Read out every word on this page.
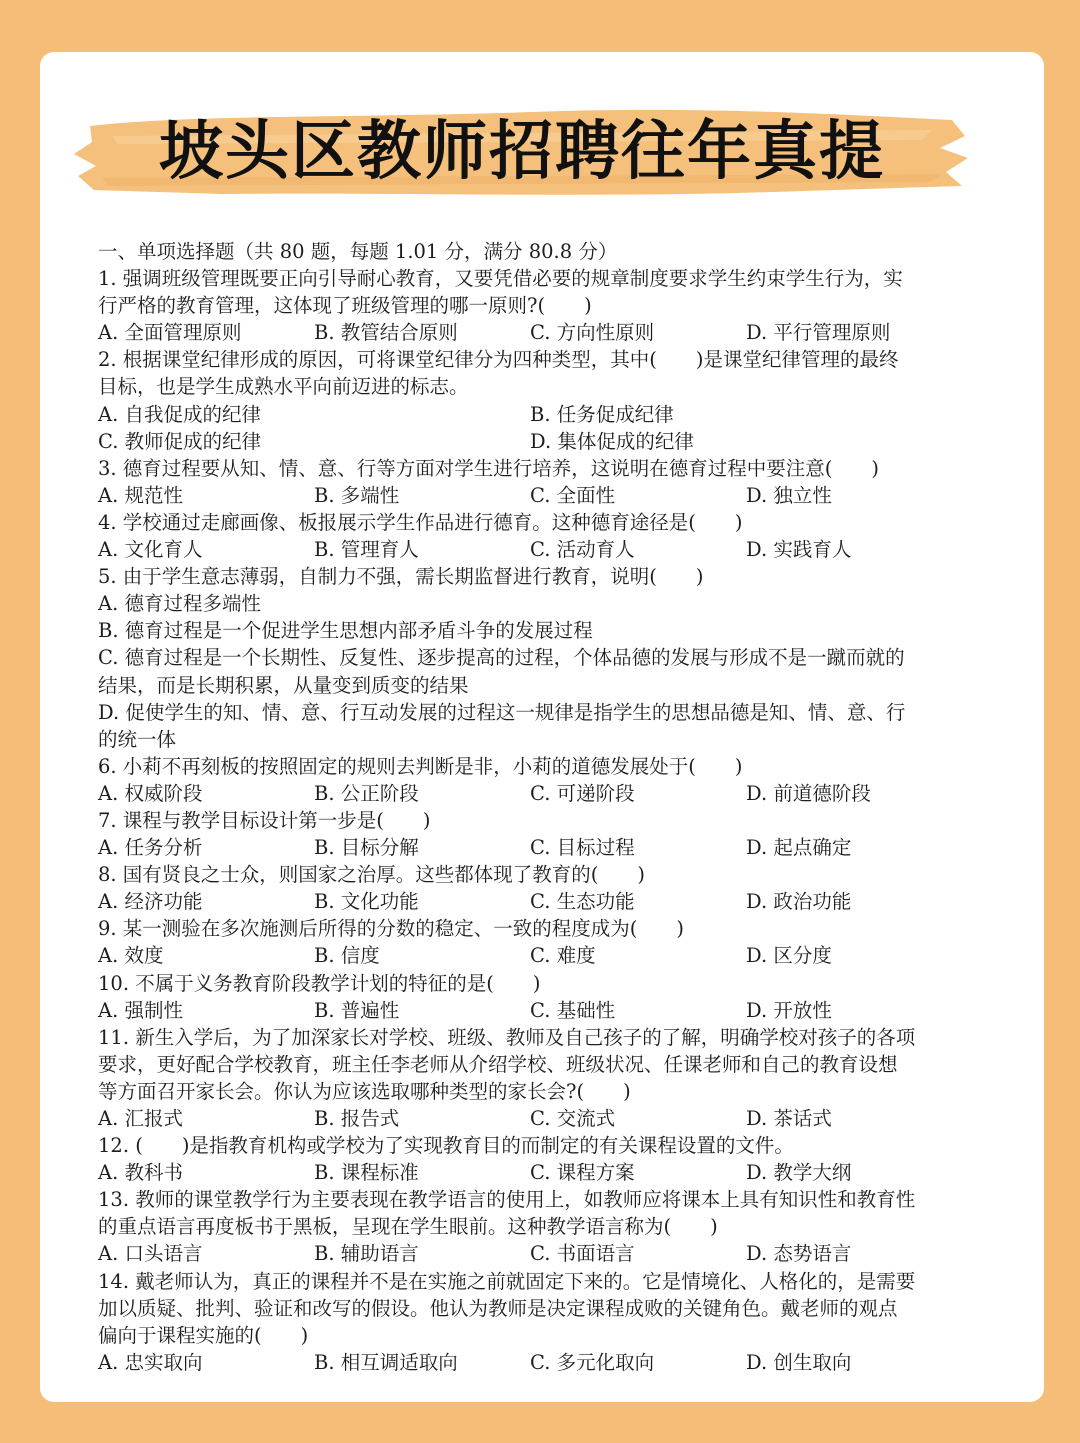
坡头区教师招聘往年真提
一、单项选择题（共 80 题，每题 1.01 分，满分 80.8 分）
1. 强调班级管理既要正向引导耐心教育，又要凭借必要的规章制度要求学生约束学生行为，实
行严格的教育管理，这体现了班级管理的哪一原则?(　　)
A. 全面管理原则	B. 教管结合原则	C. 方向性原则	D. 平行管理原则
2. 根据课堂纪律形成的原因，可将课堂纪律分为四种类型，其中(　　)是课堂纪律管理的最终
目标，也是学生成熟水平向前迈进的标志。
A. 自我促成的纪律	B. 任务促成纪律
C. 教师促成的纪律	D. 集体促成的纪律
3. 德育过程要从知、情、意、行等方面对学生进行培养，这说明在德育过程中要注意(　　)
A. 规范性	B. 多端性	C. 全面性	D. 独立性
4. 学校通过走廊画像、板报展示学生作品进行德育。这种德育途径是(　　)
A. 文化育人	B. 管理育人	C. 活动育人	D. 实践育人
5. 由于学生意志薄弱，自制力不强，需长期监督进行教育，说明(　　)
A. 德育过程多端性
B. 德育过程是一个促进学生思想内部矛盾斗争的发展过程
C. 德育过程是一个长期性、反复性、逐步提高的过程，个体品德的发展与形成不是一蹴而就的
结果，而是长期积累，从量变到质变的结果
D. 促使学生的知、情、意、行互动发展的过程这一规律是指学生的思想品德是知、情、意、行
的统一体
6. 小莉不再刻板的按照固定的规则去判断是非，小莉的道德发展处于(　　)
A. 权威阶段	B. 公正阶段	C. 可递阶段	D. 前道德阶段
7. 课程与教学目标设计第一步是(　　)
A. 任务分析	B. 目标分解	C. 目标过程	D. 起点确定
8. 国有贤良之士众，则国家之治厚。这些都体现了教育的(　　)
A. 经济功能	B. 文化功能	C. 生态功能	D. 政治功能
9. 某一测验在多次施测后所得的分数的稳定、一致的程度成为(　　)
A. 效度	B. 信度	C. 难度	D. 区分度
10. 不属于义务教育阶段教学计划的特征的是(　　)
A. 强制性	B. 普遍性	C. 基础性	D. 开放性
11. 新生入学后，为了加深家长对学校、班级、教师及自己孩子的了解，明确学校对孩子的各项
要求，更好配合学校教育，班主任李老师从介绍学校、班级状况、任课老师和自己的教育设想
等方面召开家长会。你认为应该选取哪种类型的家长会?(　　)
A. 汇报式	B. 报告式	C. 交流式	D. 茶话式
12. (　　)是指教育机构或学校为了实现教育目的而制定的有关课程设置的文件。
A. 教科书	B. 课程标准	C. 课程方案	D. 教学大纲
13. 教师的课堂教学行为主要表现在教学语言的使用上，如教师应将课本上具有知识性和教育性
的重点语言再度板书于黑板，呈现在学生眼前。这种教学语言称为(　　)
A. 口头语言	B. 辅助语言	C. 书面语言	D. 态势语言
14. 戴老师认为，真正的课程并不是在实施之前就固定下来的。它是情境化、人格化的，是需要
加以质疑、批判、验证和改写的假设。他认为教师是决定课程成败的关键角色。戴老师的观点
偏向于课程实施的(　　)
A. 忠实取向	B. 相互调适取向	C. 多元化取向	D. 创生取向
